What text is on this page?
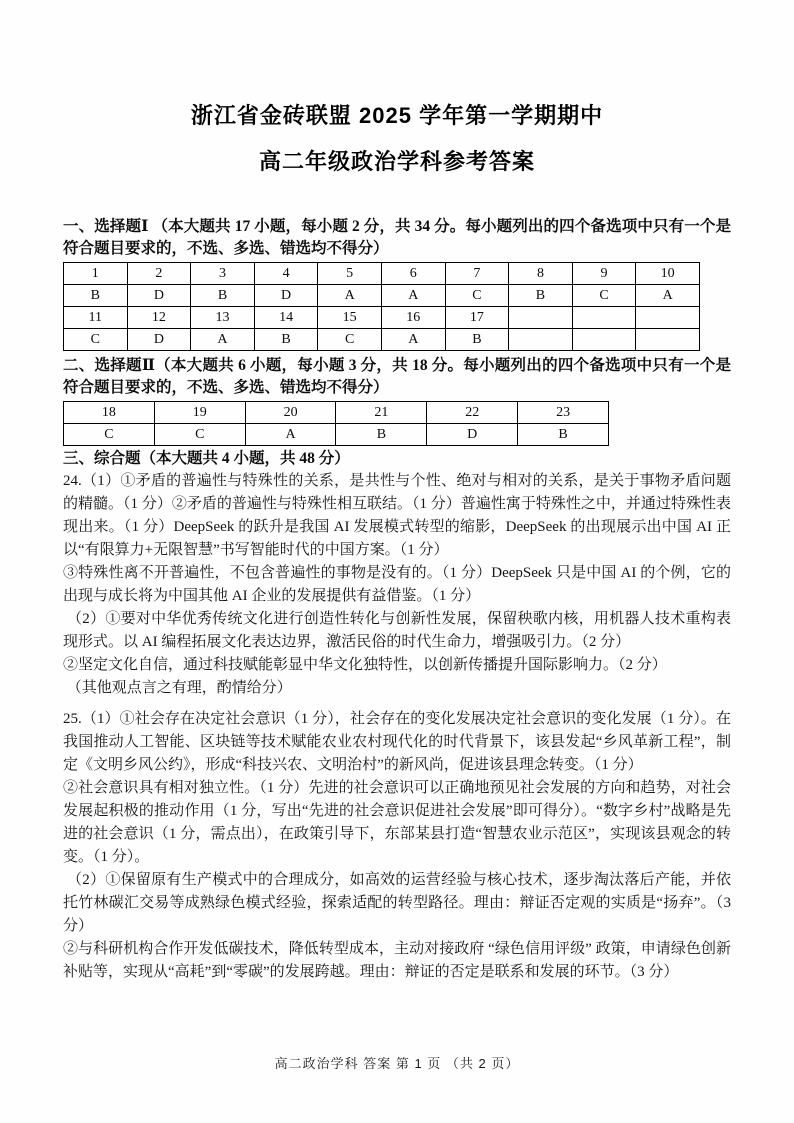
浙江省金砖联盟 2025 学年第一学期期中
高二年级政治学科参考答案

一、选择题Ⅰ （本大题共 17 小题，每小题 2 分，共 34 分。每小题列出的四个备选项中只有一个是符合题目要求的，不选、多选、错选均不得分）

1	2	3	4	5	6	7	8	9	10
B	D	B	D	A	A	C	B	C	A
11	12	13	14	15	16	17			
C	D	A	B	C	A	B			

二、选择题Ⅱ（本大题共 6 小题，每小题 3 分，共 18 分。每小题列出的四个备选项中只有一个是符合题目要求的，不选、多选、错选均不得分）

18	19	20	21	22	23
C	C	A	B	D	B

三、综合题（本大题共 4 小题，共 48 分）

24.（1）①矛盾的普遍性与特殊性的关系，是共性与个性、绝对与相对的关系，是关于事物矛盾问题的精髓。（1 分）②矛盾的普遍性与特殊性相互联结。（1 分）普遍性寓于特殊性之中，并通过特殊性表现出来。（1 分）DeepSeek 的跃升是我国 AI 发展模式转型的缩影，DeepSeek 的出现展示出中国 AI 正以“有限算力+无限智慧”书写智能时代的中国方案。（1 分）

③特殊性离不开普遍性，不包含普遍性的事物是没有的。（1 分）DeepSeek 只是中国 AI 的个例，它的出现与成长将为中国其他 AI 企业的发展提供有益借鉴。（1 分）

（2）①要对中华优秀传统文化进行创造性转化与创新性发展，保留秧歌内核，用机器人技术重构表现形式。以 AI 编程拓展文化表达边界，激活民俗的时代生命力，增强吸引力。（2 分）

②坚定文化自信，通过科技赋能彰显中华文化独特性，以创新传播提升国际影响力。（2 分）

（其他观点言之有理，酌情给分）

25.（1）①社会存在决定社会意识（1 分），社会存在的变化发展决定社会意识的变化发展（1 分）。在我国推动人工智能、区块链等技术赋能农业农村现代化的时代背景下，该县发起“乡风革新工程”，制定《文明乡风公约》，形成“科技兴农、文明治村”的新风尚，促进该县理念转变。（1 分）

②社会意识具有相对独立性。（1 分）先进的社会意识可以正确地预见社会发展的方向和趋势，对社会发展起积极的推动作用（1 分，写出“先进的社会意识促进社会发展”即可得分）。“数字乡村”战略是先进的社会意识（1 分，需点出），在政策引导下，东部某县打造“智慧农业示范区”，实现该县观念的转变。（1 分）。

（2）①保留原有生产模式中的合理成分，如高效的运营经验与核心技术，逐步淘汰落后产能，并依托竹林碳汇交易等成熟绿色模式经验，探索适配的转型路径。理由：辩证否定观的实质是“扬弃”。（3 分）

②与科研机构合作开发低碳技术，降低转型成本，主动对接政府 “绿色信用评级” 政策，申请绿色创新补贴等，实现从“高耗”到“零碳”的发展跨越。理由：辩证的否定是联系和发展的环节。（3 分）

高二政治学科 答案 第 1 页 （共 2 页）
